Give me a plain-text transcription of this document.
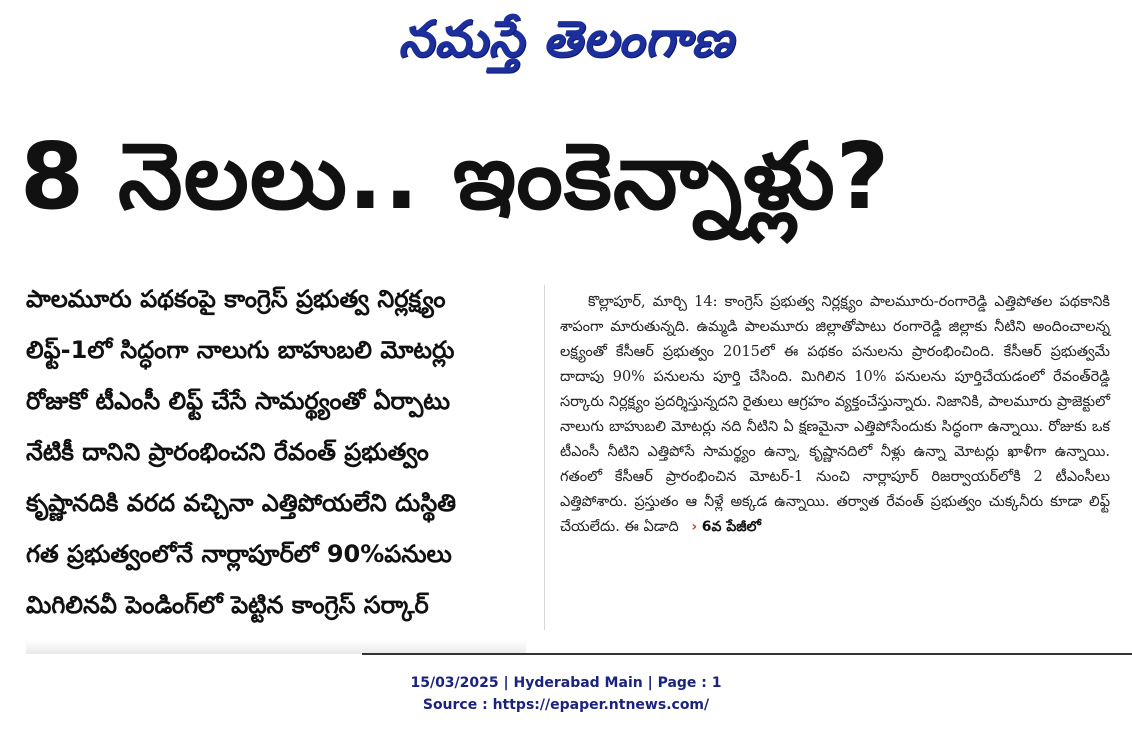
నమస్తే తెలంగాణ
8 నెలలు.. ఇంకెన్నాళ్లు?
పాలమూరు పథకంపై కాంగ్రెస్ ప్రభుత్వ నిర్లక్ష్యం
లిఫ్ట్-1లో సిద్ధంగా నాలుగు బాహుబలి మోటర్లు
రోజుకో టీఎంసీ లిఫ్ట్ చేసే సామర్థ్యంతో ఏర్పాటు
నేటికీ దానిని ప్రారంభించని రేవంత్ ప్రభుత్వం
కృష్ణానదికి వరద వచ్చినా ఎత్తిపోయలేని దుస్థితి
గత ప్రభుత్వంలోనే నార్లాపూర్‌లో 90%పనులు
మిగిలినవీ పెండింగ్‌లో పెట్టిన కాంగ్రెస్ సర్కార్
కొల్లాపూర్, మార్చి 14: కాంగ్రెస్ ప్రభుత్వ నిర్లక్ష్యం పాలమూరు-రంగారెడ్డి ఎత్తిపోతల పథకానికి శాపంగా మారుతున్నది. ఉమ్మడి పాలమూరు జిల్లాతోపాటు రంగారెడ్డి జిల్లాకు నీటిని అందించాలన్న లక్ష్యంతో కేసీఆర్ ప్రభుత్వం 2015లో ఈ పథకం పనులను ప్రారంభించింది. కేసీఆర్ ప్రభుత్వమే దాదాపు 90% పనులను పూర్తి చేసింది. మిగిలిన 10% పనులను పూర్తిచేయడంలో రేవంత్‌రెడ్డి సర్కారు నిర్లక్ష్యం ప్రదర్శిస్తున్నదని రైతులు ఆగ్రహం వ్యక్తంచేస్తున్నారు. నిజానికి, పాలమూరు ప్రాజెక్టులో నాలుగు బాహుబలి మోటర్లు నది నీటిని ఏ క్షణమైనా ఎత్తిపోసేందుకు సిద్ధంగా ఉన్నాయి. రోజుకు ఒక టీఎంసీ నీటిని ఎత్తిపోసే సామర్థ్యం ఉన్నా, కృష్ణానదిలో నీళ్లు ఉన్నా మోటర్లు ఖాళీగా ఉన్నాయి. గతంలో కేసీఆర్ ప్రారంభించిన మోటర్-1 నుంచి నార్లాపూర్ రిజర్వాయర్‌లోకి 2 టీఎంసీలు ఎత్తిపోశారు. ప్రస్తుతం ఆ నీళ్లే అక్కడ ఉన్నాయి. తర్వాత రేవంత్ ప్రభుత్వం చుక్కనీరు కూడా లిఫ్ట్ చేయలేదు. ఈ ఏడాది › 6వ పేజీలో
15/03/2025 | Hyderabad Main | Page : 1
Source : https://epaper.ntnews.com/
